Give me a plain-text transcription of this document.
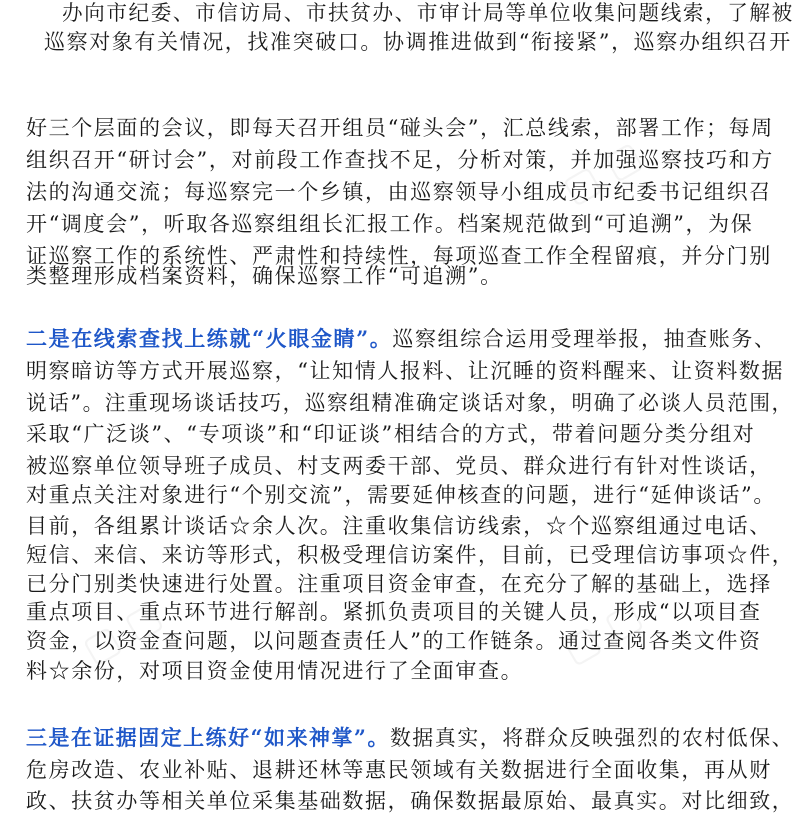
▢ ▢
▢ ▢	▢ ▢
办向市纪委、市信访局、市扶贫办、市审计局等单位收集问题线索，了解被
巡察对象有关情况，找准突破口。协调推进做到“衔接紧”，巡察办组织召开
好三个层面的会议，即每天召开组员“碰头会”，汇总线索，部署工作；每周
组织召开“研讨会”，对前段工作查找不足，分析对策，并加强巡察技巧和方
法的沟通交流；每巡察完一个乡镇，由巡察领导小组成员市纪委书记组织召
开“调度会”，听取各巡察组组长汇报工作。档案规范做到“可追溯”，为保
证巡察工作的系统性、严肃性和持续性，每项巡查工作全程留痕，并分门别
类整理形成档案资料，确保巡察工作“可追溯”。
二是在线索查找上练就“火眼金睛”。巡察组综合运用受理举报，抽查账务、
明察暗访等方式开展巡察，“让知情人报料、让沉睡的资料醒来、让资料数据
说话”。注重现场谈话技巧，巡察组精准确定谈话对象，明确了必谈人员范围，
采取“广泛谈”、“专项谈”和“印证谈”相结合的方式，带着问题分类分组对
被巡察单位领导班子成员、村支两委干部、党员、群众进行有针对性谈话，
对重点关注对象进行“个别交流”，需要延伸核查的问题，进行“延伸谈话”。
目前，各组累计谈话☆余人次。注重收集信访线索，☆个巡察组通过电话、
短信、来信、来访等形式，积极受理信访案件，目前，已受理信访事项☆件，
已分门别类快速进行处置。注重项目资金审查，在充分了解的基础上，选择
重点项目、重点环节进行解剖。紧抓负责项目的关键人员，形成“以项目查
资金，以资金查问题，以问题查责任人”的工作链条。通过查阅各类文件资
料☆余份，对项目资金使用情况进行了全面审查。
三是在证据固定上练好“如来神掌”。数据真实，将群众反映强烈的农村低保、
危房改造、农业补贴、退耕还林等惠民领域有关数据进行全面收集，再从财
政、扶贫办等相关单位采集基础数据，确保数据最原始、最真实。对比细致，
